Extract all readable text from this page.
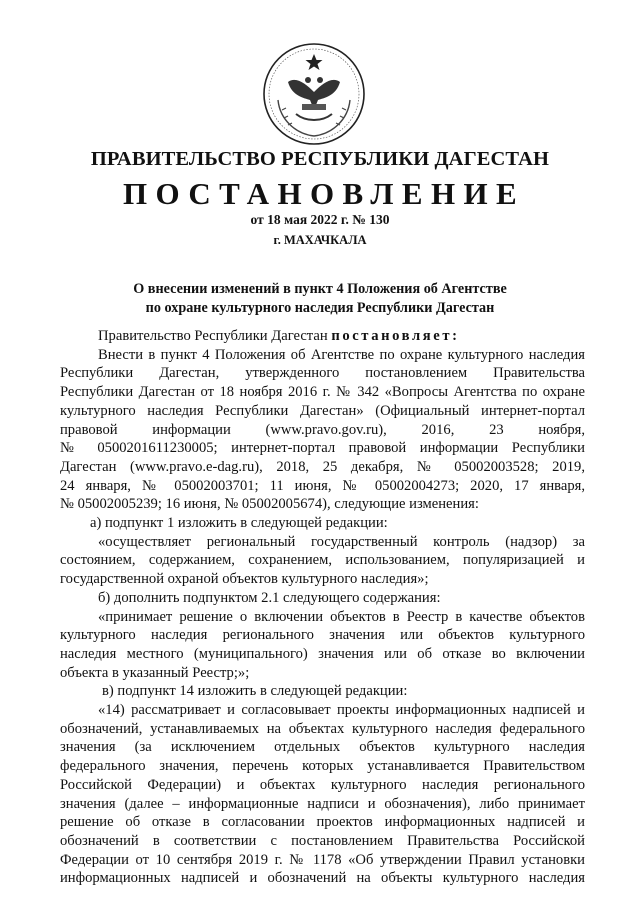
ПРАВИТЕЛЬСТВО РЕСПУБЛИКИ ДАГЕСТАН
ПОСТАНОВЛЕНИЕ
от 18 мая 2022 г. № 130
г. МАХАЧКАЛА
О внесении изменений в пункт 4 Положения об Агентстве
по охране культурного наследия Республики Дагестан

Правительство Республики Дагестан постановляет:

Внести в пункт 4 Положения об Агентстве по охране культурного наследия

Республики Дагестан, утвержденного постановлением Правительства

Республики Дагестан от 18 ноября 2016 г. № 342 «Вопросы Агентства по охране

культурного наследия Республики Дагестан» (Официальный интернет-портал

правовой информации (www.pravo.gov.ru), 2016, 23 ноября,

№ 0500201611230005; интернет-портал правовой информации Республики

Дагестан (www.pravo.e-dag.ru), 2018, 25 декабря, № 05002003528; 2019,

24 января, № 05002003701; 11 июня, № 05002004273; 2020, 17 января,

№ 05002005239; 16 июня, № 05002005674), следующие изменения:

а) подпункт 1 изложить в следующей редакции:

«осуществляет региональный государственный контроль (надзор) за

состоянием, содержанием, сохранением, использованием, популяризацией и

государственной охраной объектов культурного наследия»;

б) дополнить подпунктом 2.1 следующего содержания:

«принимает решение о включении объектов в Реестр в качестве объектов

культурного наследия регионального значения или объектов культурного

наследия местного (муниципального) значения или об отказе во включении

объекта в указанный Реестр;»;

в) подпункт 14 изложить в следующей редакции:

«14) рассматривает и согласовывает проекты информационных надписей и

обозначений, устанавливаемых на объектах культурного наследия федерального

значения (за исключением отдельных объектов культурного наследия

федерального значения, перечень которых устанавливается Правительством

Российской Федерации) и объектах культурного наследия регионального

значения (далее – информационные надписи и обозначения), либо принимает

решение об отказе в согласовании проектов информационных надписей и

обозначений в соответствии с постановлением Правительства Российской

Федерации от 10 сентября 2019 г. № 1178 «Об утверждении Правил установки

информационных надписей и обозначений на объекты культурного наследия
